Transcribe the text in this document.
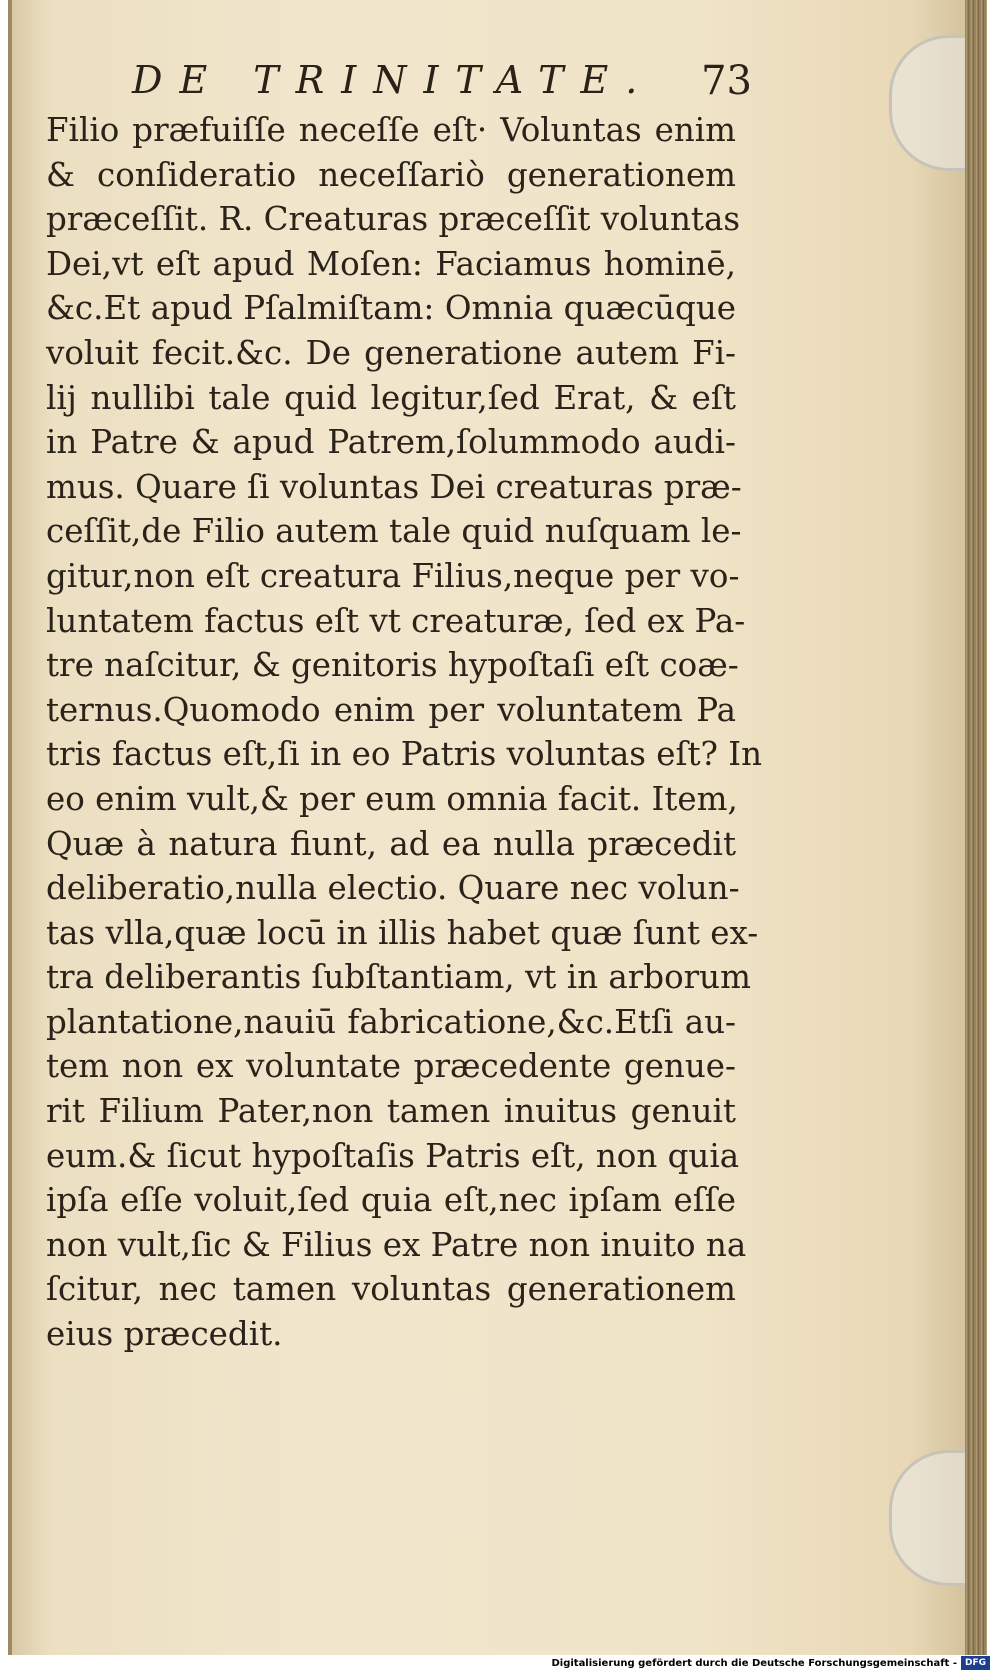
DE TRINITATE. 73
Filio præfuiſſe neceſſe eſt· Voluntas enim
& conſideratio neceſſariò generationem
præceſſit. R. Creaturas præceſſit voluntas
Dei,vt eſt apud Moſen: Faciamus hominē,
&c.Et apud Pſalmiſtam: Omnia quæcūque
voluit fecit.&c. De generatione autem Fi-
lij nullibi tale quid legitur,ſed Erat, & eſt
in Patre & apud Patrem,ſolummodo audi-
mus. Quare ſi voluntas Dei creaturas præ-
ceſſit,de Filio autem tale quid nuſquam le-
gitur,non eſt creatura Filius,neque per vo-
luntatem factus eſt vt creaturæ, ſed ex Pa-
tre naſcitur, & genitoris hypoſtaſi eſt coæ-
ternus.Quomodo enim per voluntatem Pa
tris factus eſt,ſi in eo Patris voluntas eſt? In
eo enim vult,& per eum omnia facit. Item,
Quæ à natura fiunt, ad ea nulla præcedit
deliberatio,nulla electio. Quare nec volun-
tas vlla,quæ locū in illis habet quæ ſunt ex-
tra deliberantis ſubſtantiam, vt in arborum
plantatione,nauiū fabricatione,&c.Etſi au-
tem non ex voluntate præcedente genue-
rit Filium Pater,non tamen inuitus genuit
eum.& ſicut hypoſtaſis Patris eſt, non quia
ipſa eſſe voluit,ſed quia eſt,nec ipſam eſſe
non vult,ſic & Filius ex Patre non inuito na
ſcitur, nec tamen voluntas generationem
eius præcedit.
Digitalisierung gefördert durch die Deutsche Forschungsgemeinschaft - DFG
